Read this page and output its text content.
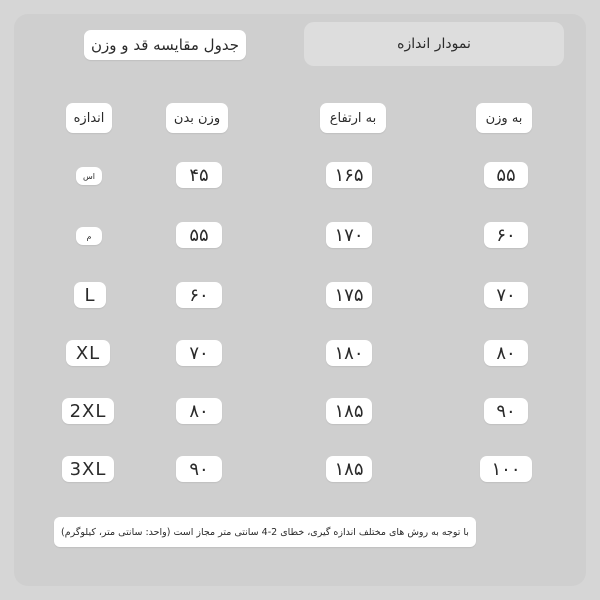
جدول مقایسه قد و وزن	نمودار اندازه
اندازه	وزن بدن	به ارتفاع	به وزن
اس	۴۵	۱۶۵	۵۵
م	۵۵	۱۷۰	۶۰
L	۶۰	۱۷۵	۷۰
XL	۷۰	۱۸۰	۸۰
2XL	۸۰	۱۸۵	۹۰
3XL	۹۰	۱۸۵	۱۰۰
با توجه به روش های مختلف اندازه گیری، خطای 2-4 سانتی متر مجاز است (واحد: سانتی متر، کیلوگرم)
